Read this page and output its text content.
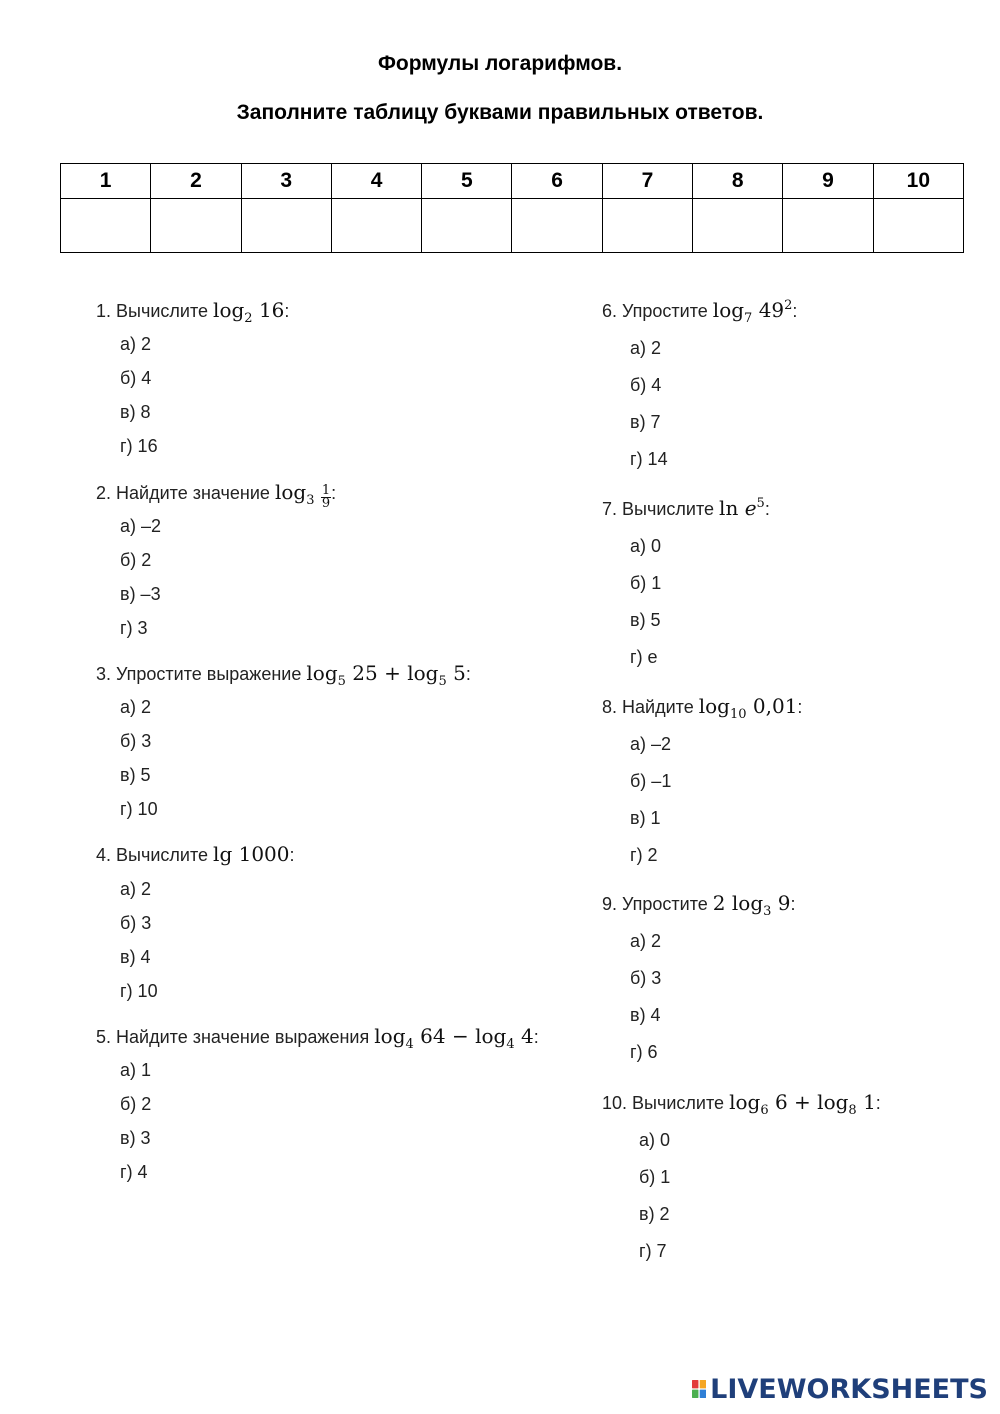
Формулы логарифмов.
Заполните таблицу буквами правильных ответов.
1	2	3	4	5	6	7	8	9	10

1. Вычислите $\log_2 16$:
а) 2
б) 4
в) 8
г) 16
2. Найдите значение $\log_3 \frac{1}{9}$ :
а) –2
б) 2
в) –3
г) 3
3. Упростите выражение $\log_5 25 + \log_5 5$:
а) 2
б) 3
в) 5
г) 10
4. Вычислите lg 1000:
а) 2
б) 3
в) 4
г) 10
5. Найдите значение выражения $\log_4 64 - \log_4 4$:
а) 1
б) 2
в) 3
г) 4
6. Упростите $\log_7 49^2$:
а) 2
б) 4
в) 7
г) 14
7. Вычислите $\ln e^5$:
а) 0
б) 1
в) 5
г) e
8. Найдите $\log_{10} 0,01$:
а) –2
б) –1
в) 1
г) 2
9. Упростите 2 $\log_3 9$:
а) 2
б) 3
в) 4
г) 6
10. Вычислите $\log_6 6 + \log_8 1$:
а) 0
б) 1
в) 2
г) 7
LIVEWORKSHEETS
